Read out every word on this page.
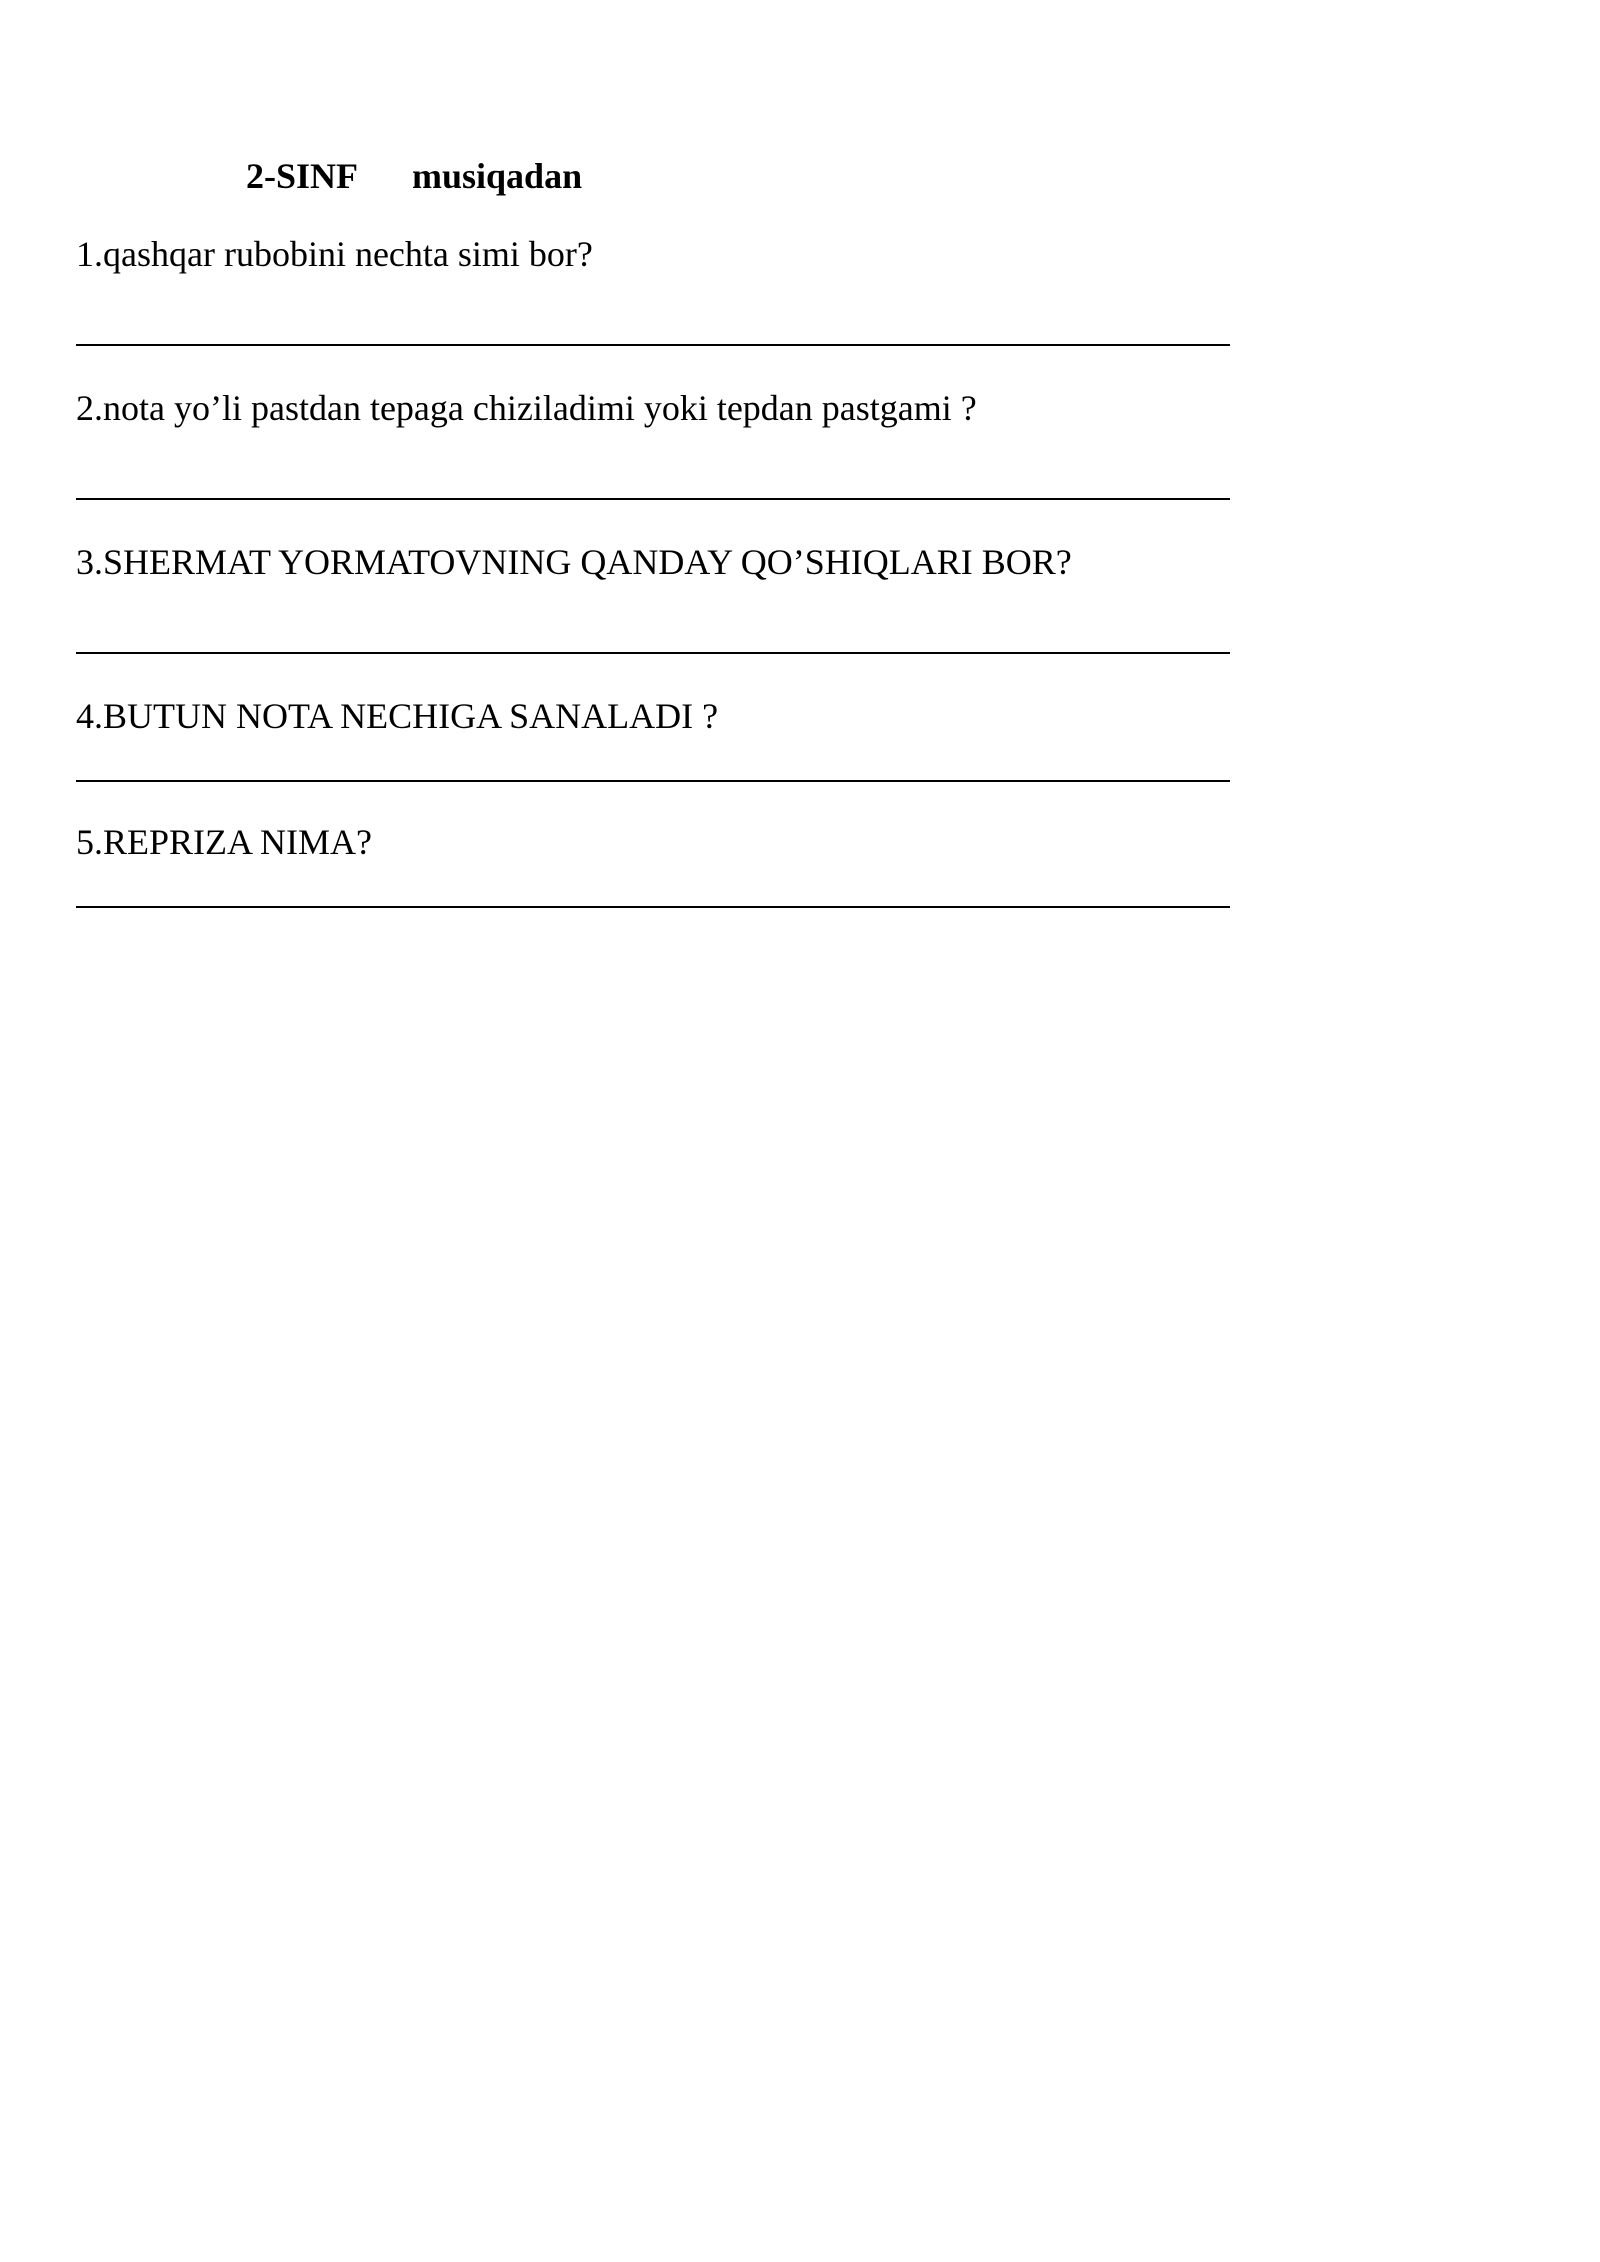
2-SINF musiqadan
1.qashqar rubobini nechta simi bor?
2.nota yo’li pastdan tepaga chiziladimi yoki tepdan pastgami ?
3.SHERMAT YORMATOVNING QANDAY QO’SHIQLARI BOR?
4.BUTUN NOTA NECHIGA SANALADI ?
5.REPRIZA NIMA?
